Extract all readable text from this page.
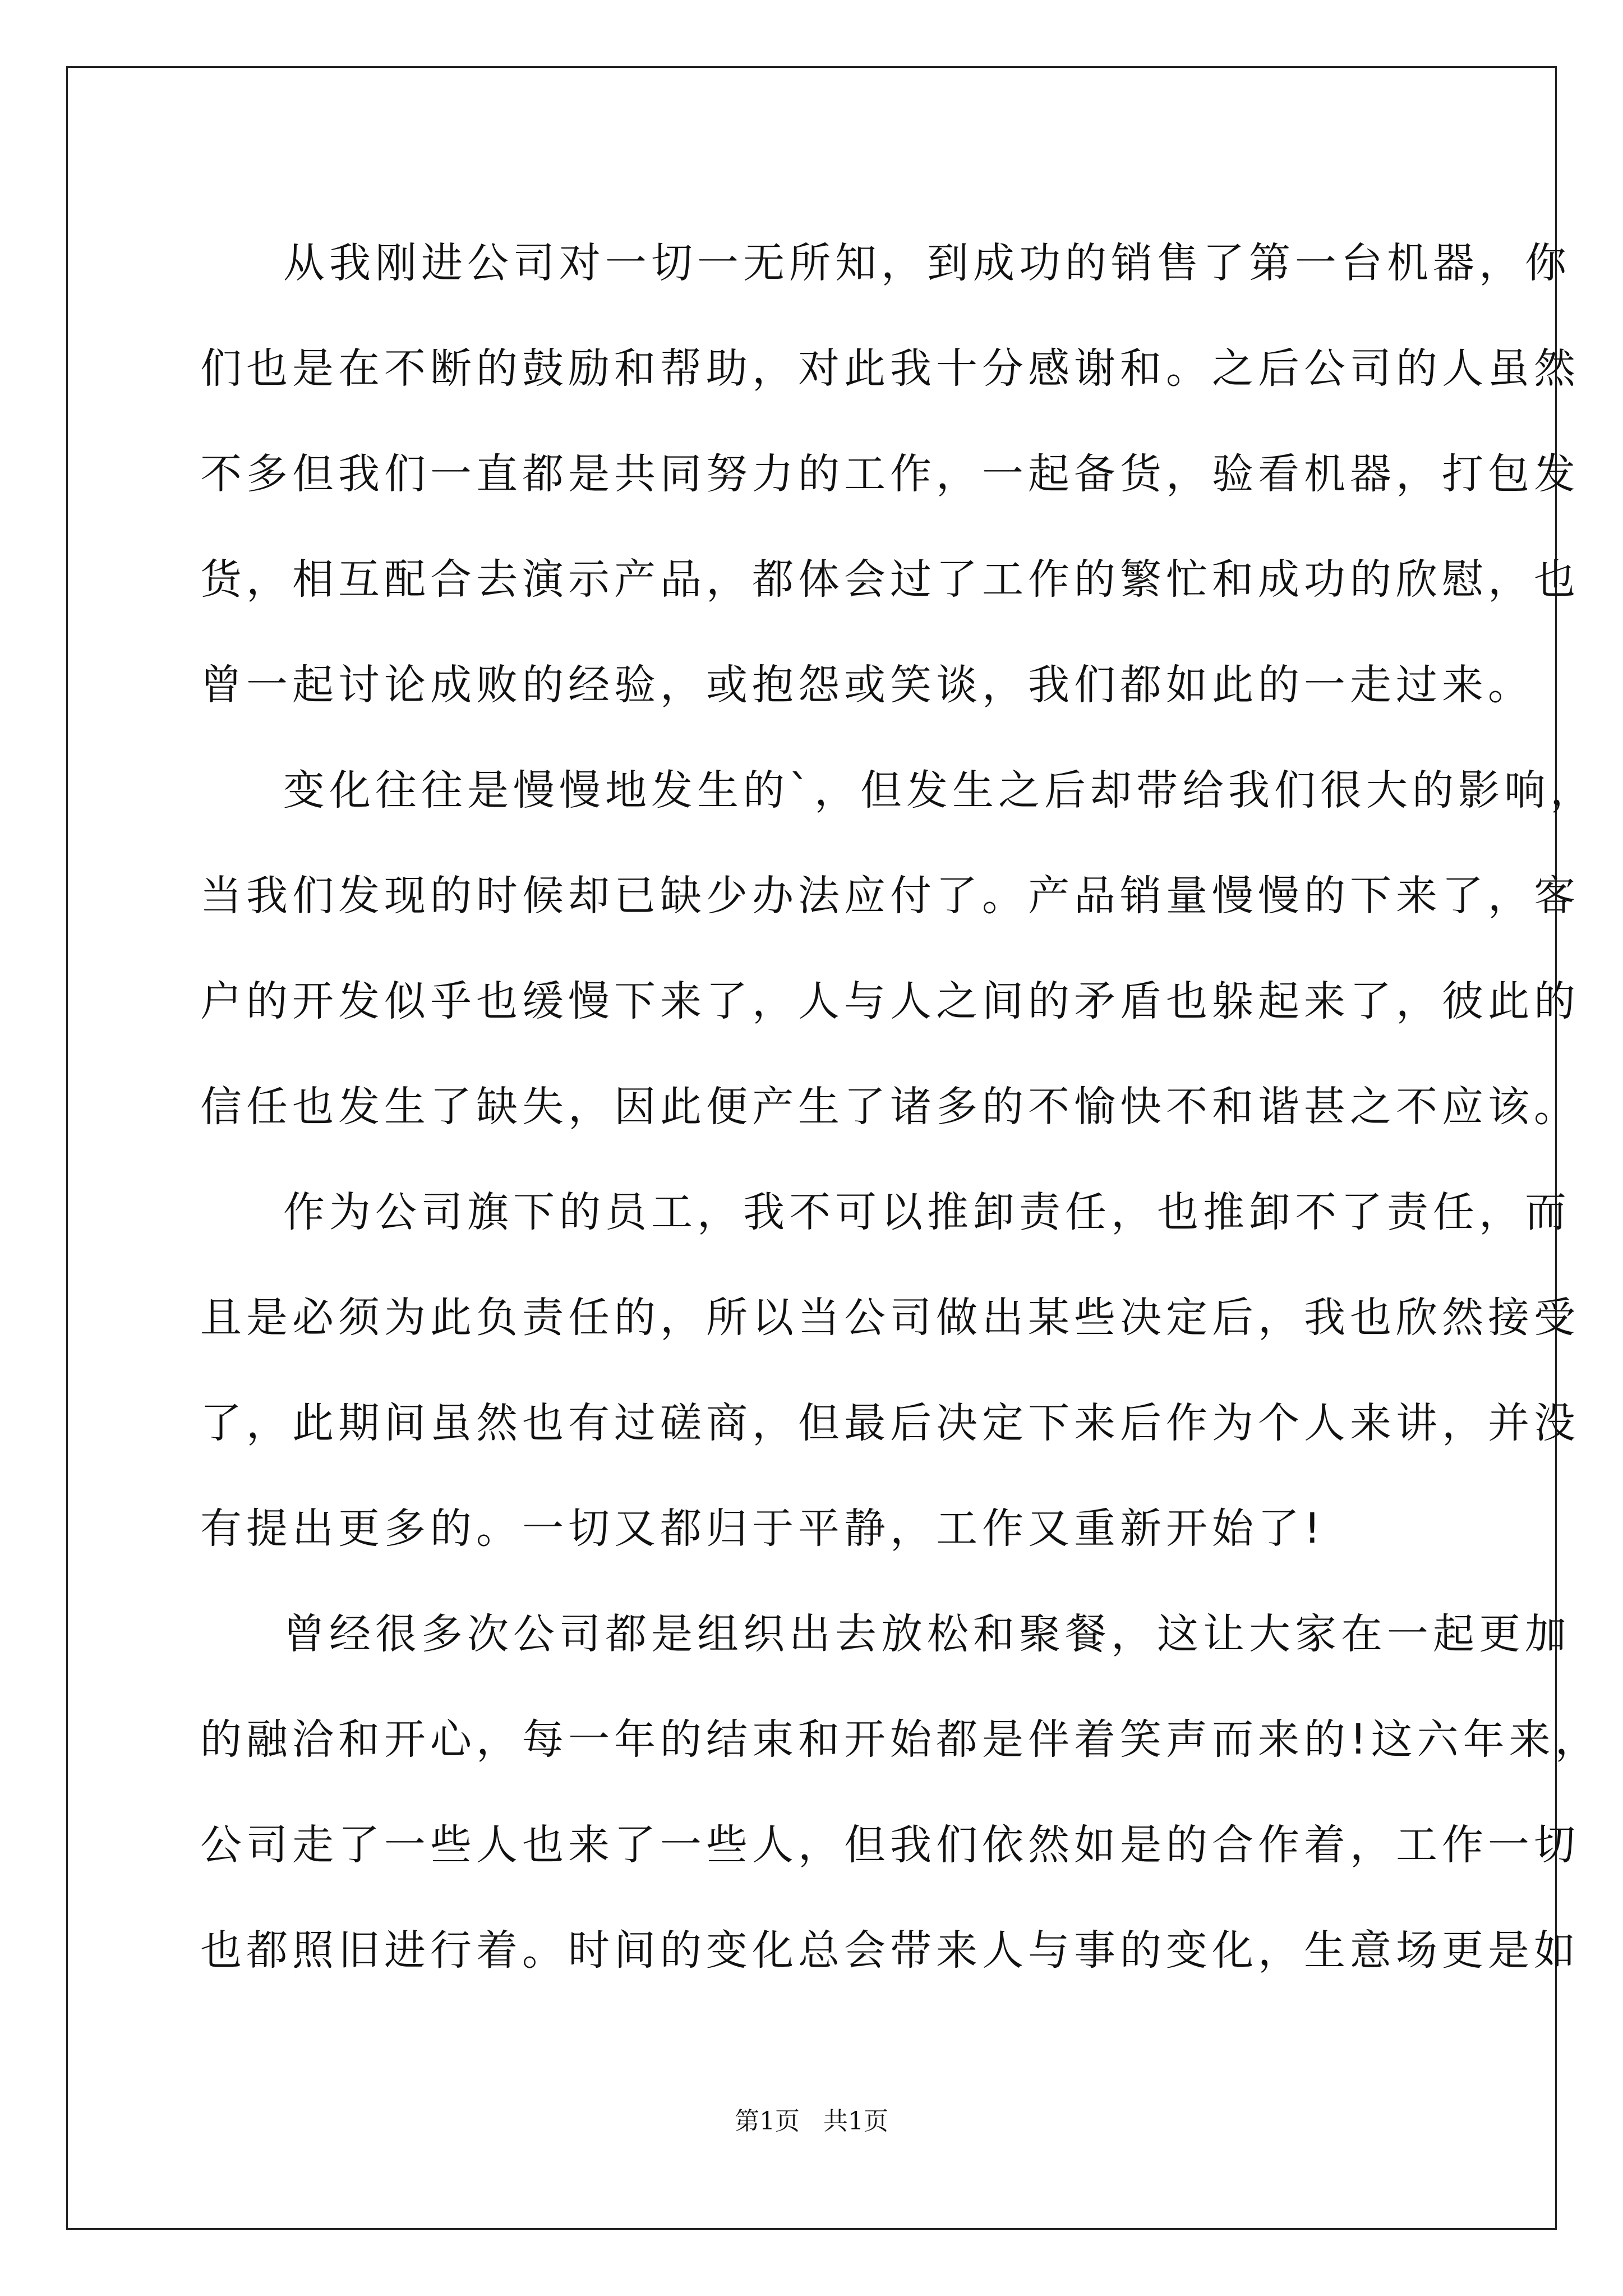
从我刚进公司对一切一无所知，到成功的销售了第一台机器，你
们也是在不断的鼓励和帮助，对此我十分感谢和。之后公司的人虽然
不多但我们一直都是共同努力的工作，一起备货，验看机器，打包发
货，相互配合去演示产品，都体会过了工作的繁忙和成功的欣慰，也
曾一起讨论成败的经验，或抱怨或笑谈，我们都如此的一走过来。
变化往往是慢慢地发生的`，但发生之后却带给我们很大的影响，
当我们发现的时候却已缺少办法应付了。产品销量慢慢的下来了，客
户的开发似乎也缓慢下来了，人与人之间的矛盾也躲起来了，彼此的
信任也发生了缺失，因此便产生了诸多的不愉快不和谐甚之不应该。
作为公司旗下的员工，我不可以推卸责任，也推卸不了责任，而
且是必须为此负责任的，所以当公司做出某些决定后，我也欣然接受
了，此期间虽然也有过磋商，但最后决定下来后作为个人来讲，并没
有提出更多的。一切又都归于平静，工作又重新开始了!
曾经很多次公司都是组织出去放松和聚餐，这让大家在一起更加
的融洽和开心，每一年的结束和开始都是伴着笑声而来的!这六年来，
公司走了一些人也来了一些人，但我们依然如是的合作着，工作一切
也都照旧进行着。时间的变化总会带来人与事的变化，生意场更是如
第1页   共1页
